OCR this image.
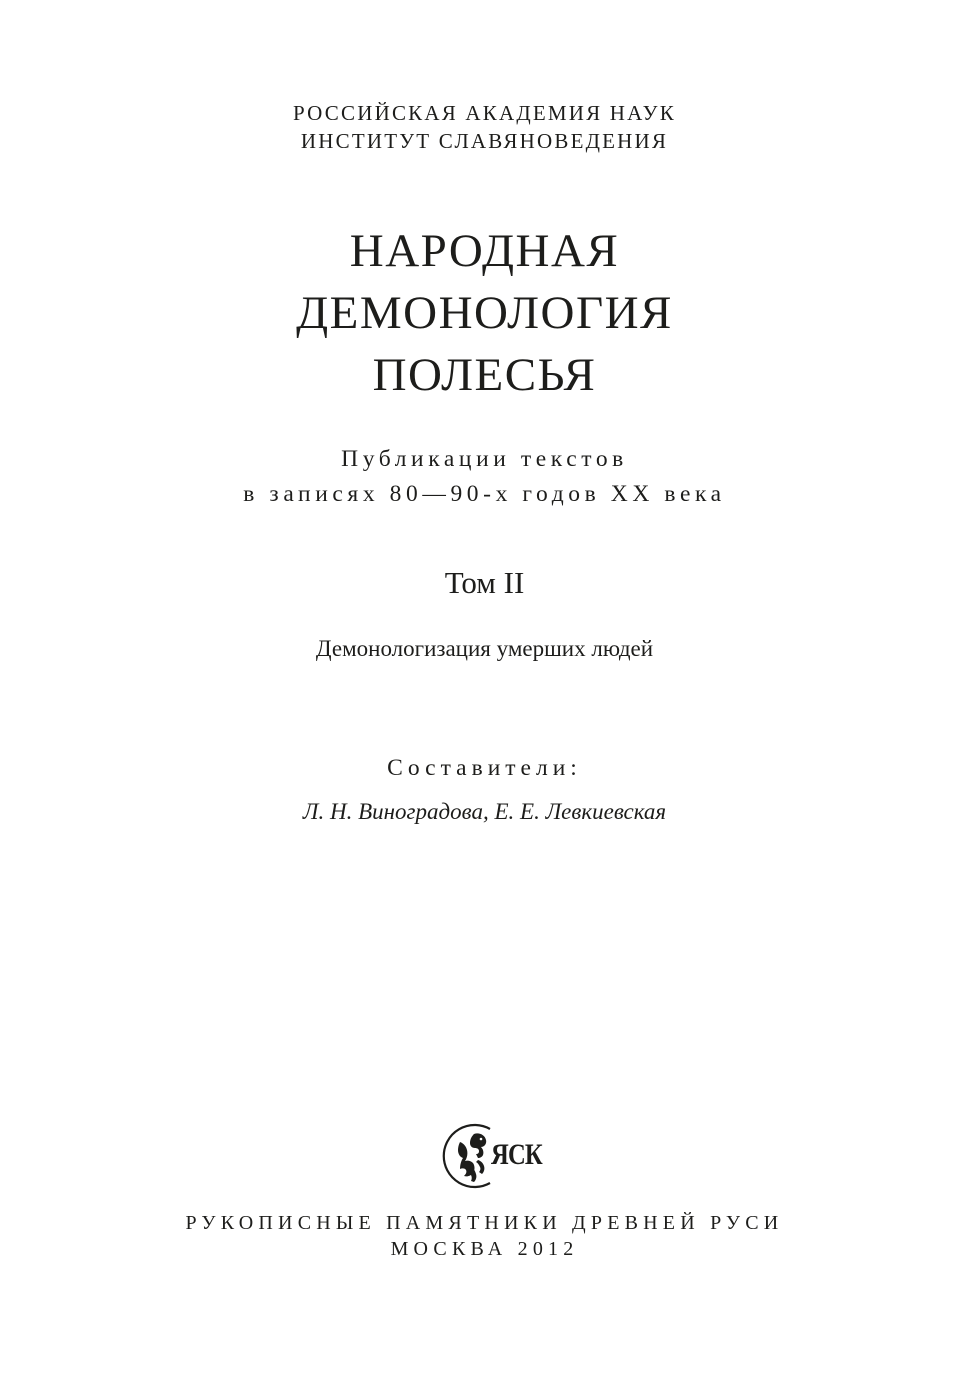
РОССИЙСКАЯ АКАДЕМИЯ НАУК
ИНСТИТУТ СЛАВЯНОВЕДЕНИЯ
НАРОДНАЯ
ДЕМОНОЛОГИЯ
ПОЛЕСЬЯ
Публикации текстов
в записях 80—90-х годов XX века
Том II
Демонологизация умерших людей
Составители:
Л. Н. Виноградова, Е. Е. Левкиевская
ЯСК
РУКОПИСНЫЕ ПАМЯТНИКИ ДРЕВНЕЙ РУСИ
МОСКВА 2012
